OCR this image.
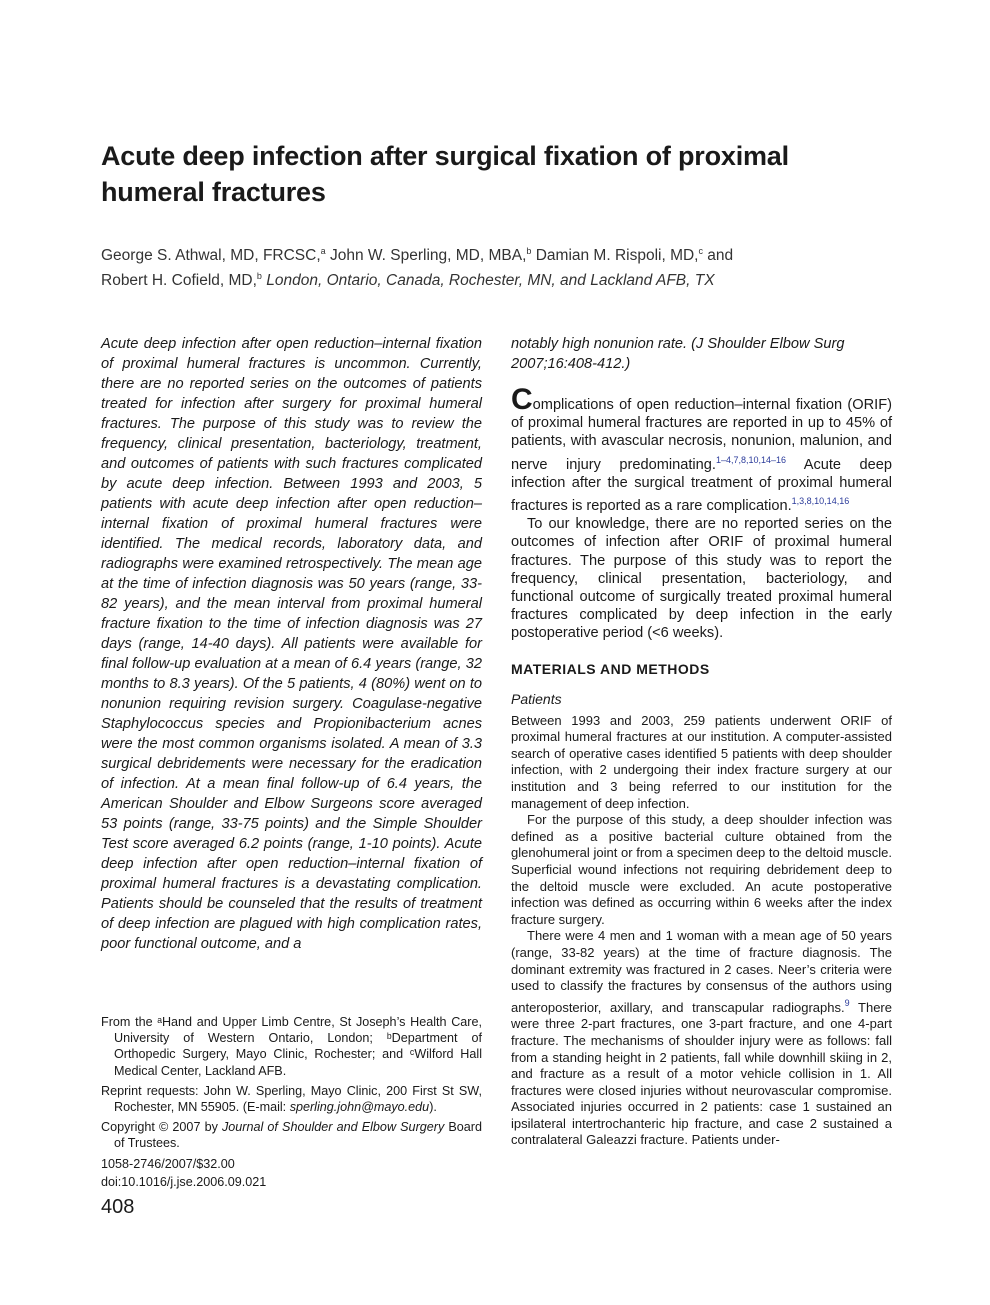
Acute deep infection after surgical fixation of proximal humeral fractures
George S. Athwal, MD, FRCSC,$^a$ John W. Sperling, MD, MBA,$^b$ Damian M. Rispoli, MD,$^c$ and
Robert H. Cofield, MD,$^b$ London, Ontario, Canada, Rochester, MN, and Lackland AFB, TX

Acute deep infection after open reduction–internal fixation of proximal humeral fractures is uncommon. Currently, there are no reported series on the outcomes of patients treated for infection after surgery for proximal humeral fractures. The purpose of this study was to review the frequency, clinical presentation, bacteriology, treatment, and outcomes of patients with such fractures complicated by acute deep infection. Between 1993 and 2003, 5 patients with acute deep infection after open reduction–internal fixation of proximal humeral fractures were identified. The medical records, laboratory data, and radiographs were examined retrospectively. The mean age at the time of infection diagnosis was 50 years (range, 33-82 years), and the mean interval from proximal humeral fracture fixation to the time of infection diagnosis was 27 days (range, 14-40 days). All patients were available for final follow-up evaluation at a mean of 6.4 years (range, 32 months to 8.3 years). Of the 5 patients, 4 (80%) went on to nonunion requiring revision surgery. Coagulase-negative Staphylococcus species and Propionibacterium acnes were the most common organisms isolated. A mean of 3.3 surgical debridements were necessary for the eradication of infection. At a mean final follow-up of 6.4 years, the American Shoulder and Elbow Surgeons score averaged 53 points (range, 33-75 points) and the Simple Shoulder Test score averaged 6.2 points (range, 1-10 points). Acute deep infection after open reduction–internal fixation of proximal humeral fractures is a devastating complication. Patients should be counseled that the results of treatment of deep infection are plagued with high complication rates, poor functional outcome, and a

From the ᵃHand and Upper Limb Centre, St Joseph’s Health Care, University of Western Ontario, London; ᵇDepartment of Orthopedic Surgery, Mayo Clinic, Rochester; and ᶜWilford Hall Medical Center, Lackland AFB.

Reprint requests: John W. Sperling, Mayo Clinic, 200 First St SW, Rochester, MN 55905. (E-mail: sperling.john@mayo.edu).

Copyright © 2007 by Journal of Shoulder and Elbow Surgery Board of Trustees.

1058-2746/2007/$32.00

doi:10.1016/j.jse.2006.09.021

408

notably high nonunion rate. (J Shoulder Elbow Surg 2007;16:408-412.)

Complications of open reduction–internal fixation (ORIF) of proximal humeral fractures are reported in up to 45% of patients, with avascular necrosis, nonunion, malunion, and nerve injury predominating.$^{1-4,7,8,10,14-16}$ Acute deep infection after the surgical treatment of proximal humeral fractures is reported as a rare complication.$^{1,3,8,10,14,16}$

To our knowledge, there are no reported series on the outcomes of infection after ORIF of proximal humeral fractures. The purpose of this study was to report the frequency, clinical presentation, bacteriology, and functional outcome of surgically treated proximal humeral fractures complicated by deep infection in the early postoperative period (<6 weeks).

MATERIALS AND METHODS
Patients

Between 1993 and 2003, 259 patients underwent ORIF of proximal humeral fractures at our institution. A computer-assisted search of operative cases identified 5 patients with deep shoulder infection, with 2 undergoing their index fracture surgery at our institution and 3 being referred to our institution for the management of deep infection.

For the purpose of this study, a deep shoulder infection was defined as a positive bacterial culture obtained from the glenohumeral joint or from a specimen deep to the deltoid muscle. Superficial wound infections not requiring debridement deep to the deltoid muscle were excluded. An acute postoperative infection was defined as occurring within 6 weeks after the index fracture surgery.

There were 4 men and 1 woman with a mean age of 50 years (range, 33-82 years) at the time of fracture diagnosis. The dominant extremity was fractured in 2 cases. Neer’s criteria were used to classify the fractures by consensus of the authors using anteroposterior, axillary, and transcapular radiographs.$^9$ There were three 2-part fractures, one 3-part fracture, and one 4-part fracture. The mechanisms of shoulder injury were as follows: fall from a standing height in 2 patients, fall while downhill skiing in 2, and fracture as a result of a motor vehicle collision in 1. All fractures were closed injuries without neurovascular compromise. Associated injuries occurred in 2 patients: case 1 sustained an ipsilateral intertrochanteric hip fracture, and case 2 sustained a contralateral Galeazzi fracture. Patients under-
